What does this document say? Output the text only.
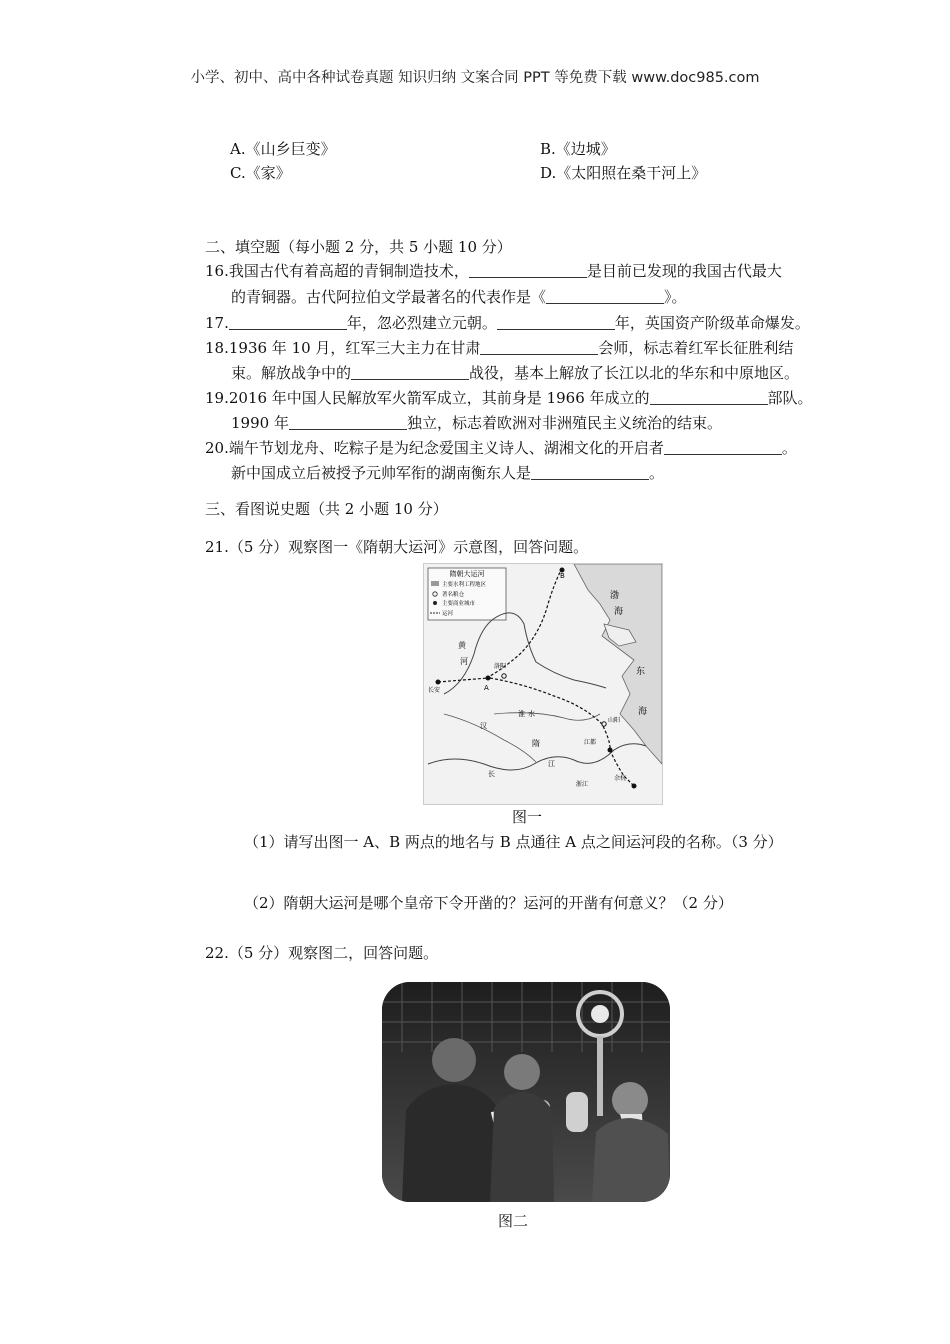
小学、初中、高中各种试卷真题 知识归纳 文案合同 PPT 等免费下载 www.doc985.com
A.《山乡巨变》	B.《边城》
C.《家》	D.《太阳照在桑干河上》
二、填空题（每小题 2 分，共 5 小题 10 分）
16.我国古代有着高超的青铜制造技术，	是目前已发现的我国古代最大
的青铜器。古代阿拉伯文学最著名的代表作是《	》。
17.	年，忽必烈建立元朝。	年，英国资产阶级革命爆发。
18.1936 年 10 月，红军三大主力在甘肃	会师，标志着红军长征胜利结
束。解放战争中的	战役，基本上解放了长江以北的华东和中原地区。
19.2016 年中国人民解放军火箭军成立，其前身是 1966 年成立的	部队。
1990 年	独立，标志着欧洲对非洲殖民主义统治的结束。
20.端午节划龙舟、吃粽子是为纪念爱国主义诗人、湖湘文化的开启者	。
新中国成立后被授予元帅军衔的湖南衡东人是	。
三、看图说史题（共 2 小题 10 分）
21.（5 分）观察图一《隋朝大运河》示意图，回答问题。
隋朝大运河
主要水利工程地区
著名粮仓
主要商业城市
运河
B
A
长安
洛阳
江都
余杭
山阳
浙江
渤
海
东
海
黄
河
隋
长
江
汉
淮 水
图一
（1）请写出图一 A、B 两点的地名与 B 点通往 A 点之间运河段的名称。（3 分）
（2）隋朝大运河是哪个皇帝下令开凿的？运河的开凿有何意义？（2 分）
22.（5 分）观察图二，回答问题。
图二
